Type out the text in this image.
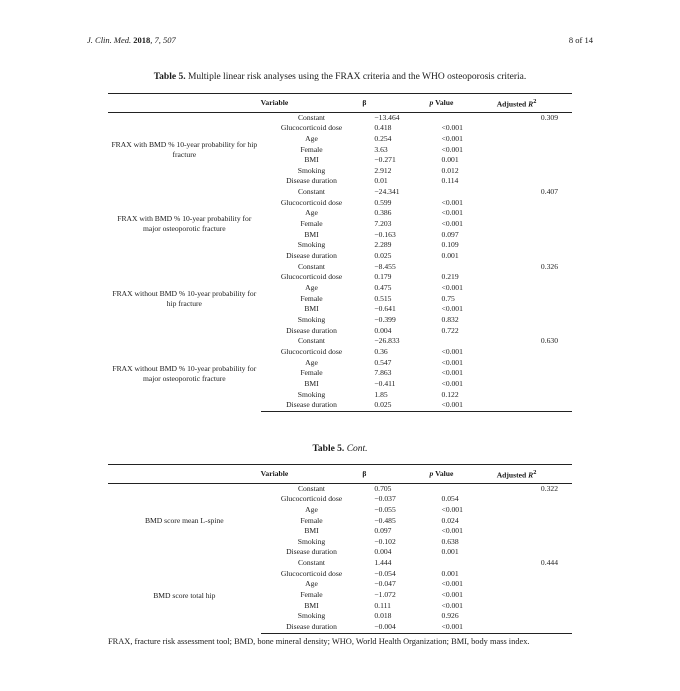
J. Clin. Med. 2018, 7, 507	8 of 14
Table 5. Multiple linear risk analyses using the FRAX criteria and the WHO osteoporosis criteria.
	Variable	β	p Value	Adjusted $R^2$
FRAX with BMD % 10-year probability for hip fracture	Constant	−13.464		0.309
	Glucocorticoid dose	0.418	<0.001	
	Age	0.254	<0.001	
	Female	3.63	<0.001	
	BMI	−0.271	0.001	
	Smoking	2.912	0.012	
	Disease duration	0.01	0.114	
FRAX with BMD % 10-year probability for major osteoporotic fracture	Constant	−24.341		0.407
	Glucocorticoid dose	0.599	<0.001	
	Age	0.386	<0.001	
	Female	7.203	<0.001	
	BMI	−0.163	0.097	
	Smoking	2.289	0.109	
	Disease duration	0.025	0.001	
FRAX without BMD % 10-year probability for hip fracture	Constant	−8.455		0.326
	Glucocorticoid dose	0.179	0.219	
	Age	0.475	<0.001	
	Female	0.515	0.75	
	BMI	−0.641	<0.001	
	Smoking	−0.399	0.832	
	Disease duration	0.004	0.722	
FRAX without BMD % 10-year probability for major osteoporotic fracture	Constant	−26.833		0.630
	Glucocorticoid dose	0.36	<0.001	
	Age	0.547	<0.001	
	Female	7.863	<0.001	
	BMI	−0.411	<0.001	
	Smoking	1.85	0.122	
	Disease duration	0.025	<0.001	
Table 5. Cont.
	Variable	β	p Value	Adjusted $R^2$
BMD score mean L-spine	Constant	0.705		0.322
	Glucocorticoid dose	−0.037	0.054	
	Age	−0.055	<0.001	
	Female	−0.485	0.024	
	BMI	0.097	<0.001	
	Smoking	−0.102	0.638	
	Disease duration	0.004	0.001	
BMD score total hip	Constant	1.444		0.444
	Glucocorticoid dose	−0.054	0.001	
	Age	−0.047	<0.001	
	Female	−1.072	<0.001	
	BMI	0.111	<0.001	
	Smoking	0.018	0.926	
	Disease duration	−0.004	<0.001	
FRAX, fracture risk assessment tool; BMD, bone mineral density; WHO, World Health Organization; BMI, body mass index.
